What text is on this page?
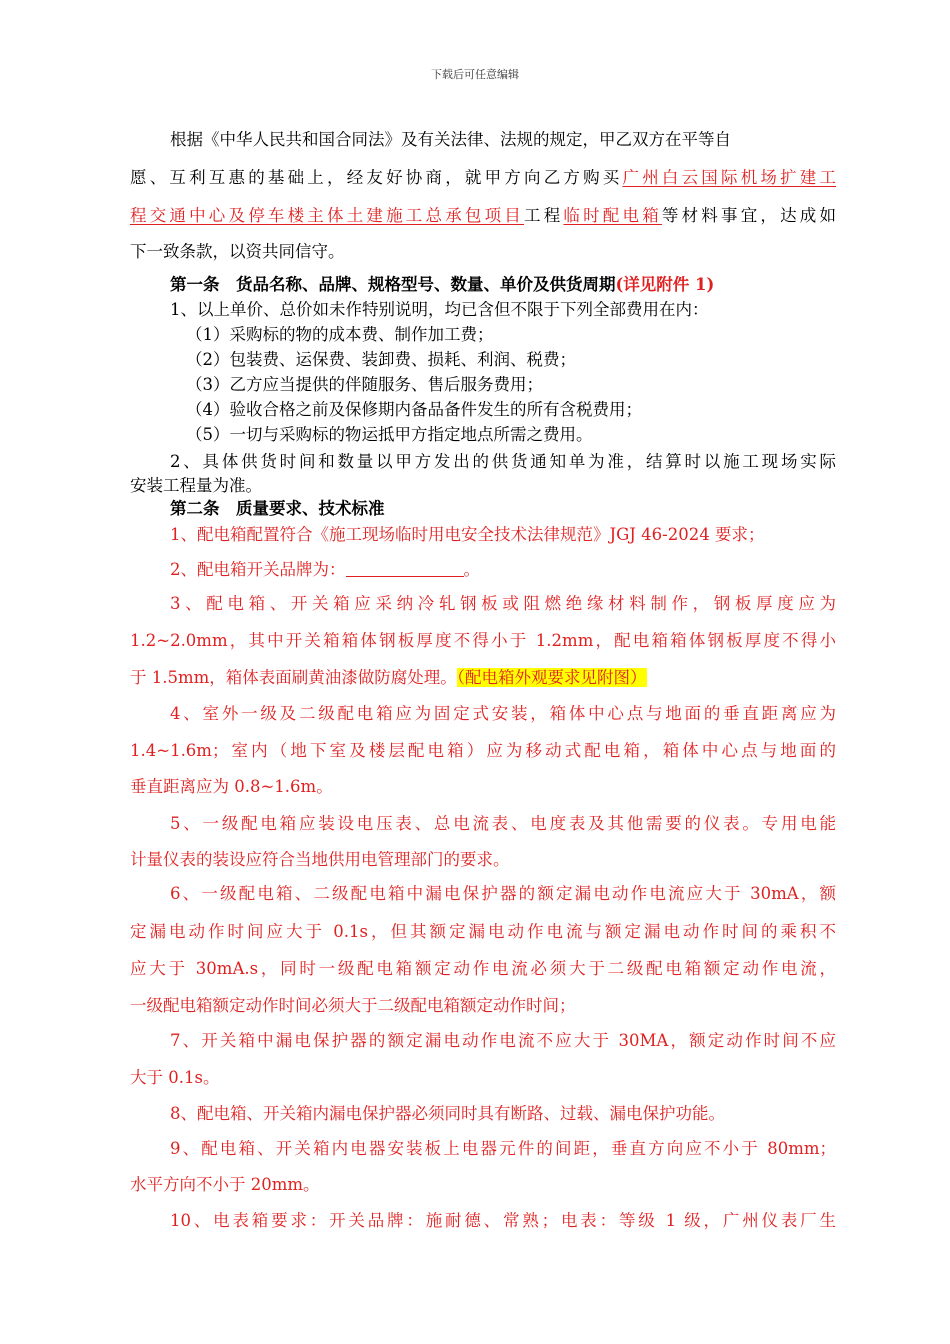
下载后可任意编辑
根据《中华人民共和国合同法》及有关法律、法规的规定，甲乙双方在平等自
愿、互利互惠的基础上，经友好协商，就甲方向乙方购买广州白云国际机场扩建工
程交通中心及停车楼主体土建施工总承包项目工程临时配电箱等材料事宜，达成如
下一致条款，以资共同信守。
第一条　货品名称、品牌、规格型号、数量、单价及供货周期(详见附件 1)
1、以上单价、总价如未作特别说明，均已含但不限于下列全部费用在内：
（1）采购标的物的成本费、制作加工费；
（2）包装费、运保费、装卸费、损耗、利润、税费；
（3）乙方应当提供的伴随服务、售后服务费用；
（4）验收合格之前及保修期内备品备件发生的所有含税费用；
（5）一切与采购标的物运抵甲方指定地点所需之费用。
2、具体供货时间和数量以甲方发出的供货通知单为准，结算时以施工现场实际
安装工程量为准。
第二条　质量要求、技术标准
1、配电箱配置符合《施工现场临时用电安全技术法律规范》JGJ 46-2024 要求；
2、配电箱开关品牌为：	。
3、配电箱、开关箱应采纳冷轧钢板或阻燃绝缘材料制作，钢板厚度应为
1.2~2.0mm，其中开关箱箱体钢板厚度不得小于 1.2mm，配电箱箱体钢板厚度不得小
于 1.5mm，箱体表面刷黄油漆做防腐处理。（配电箱外观要求见附图）
4、室外一级及二级配电箱应为固定式安装，箱体中心点与地面的垂直距离应为
1.4~1.6m；室内（地下室及楼层配电箱）应为移动式配电箱，箱体中心点与地面的
垂直距离应为 0.8~1.6m。
5、一级配电箱应装设电压表、总电流表、电度表及其他需要的仪表。专用电能
计量仪表的装设应符合当地供用电管理部门的要求。
6、一级配电箱、二级配电箱中漏电保护器的额定漏电动作电流应大于 30mA，额
定漏电动作时间应大于 0.1s，但其额定漏电动作电流与额定漏电动作时间的乘积不
应大于 30mA.s，同时一级配电箱额定动作电流必须大于二级配电箱额定动作电流，
一级配电箱额定动作时间必须大于二级配电箱额定动作时间；
7、开关箱中漏电保护器的额定漏电动作电流不应大于 30MA，额定动作时间不应
大于 0.1s。
8、配电箱、开关箱内漏电保护器必须同时具有断路、过载、漏电保护功能。
9、配电箱、开关箱内电器安装板上电器元件的间距，垂直方向应不小于 80mm；
水平方向不小于 20mm。
10、电表箱要求：开关品牌：施耐德、常熟；电表：等级 1 级，广州仪表厂生
